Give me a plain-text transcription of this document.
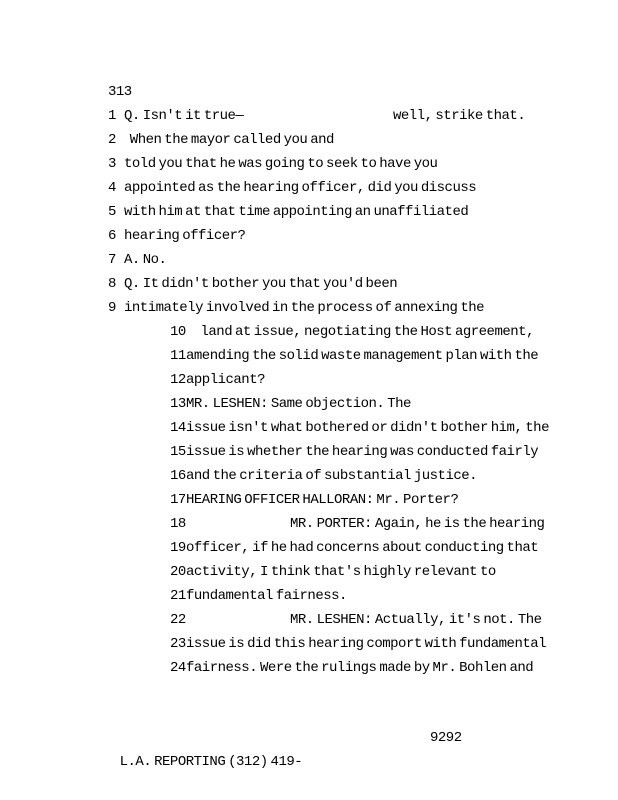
313
1 Q. Isn't it true—	well, strike that.
2  When the mayor called you and
3 told you that he was going to seek to have you
4 appointed as the hearing officer, did you discuss
5 with him at that time appointing an unaffiliated
6 hearing officer?
7 A. No.
8 Q. It didn't bother you that you'd been
9 intimately involved in the process of annexing the
10     land at issue, negotiating the Host agreement,
11amending the solid waste management plan with the
12applicant?
13MR. LESHEN: Same objection. The
14issue isn't what bothered or didn't bother him, the
15issue is whether the hearing was conducted fairly
16and the criteria of substantial justice.
17HEARING OFFICER HALLORAN: Mr. Porter?
18	MR. PORTER: Again, he is the hearing
19officer, if he had concerns about conducting that
20activity, I think that's highly relevant to
21fundamental fairness.
22	MR. LESHEN: Actually, it's not. The
23issue is did this hearing comport with fundamental
24fairness. Were the rulings made by Mr. Bohlen and

L.A. REPORTING (312) 419-

9292
